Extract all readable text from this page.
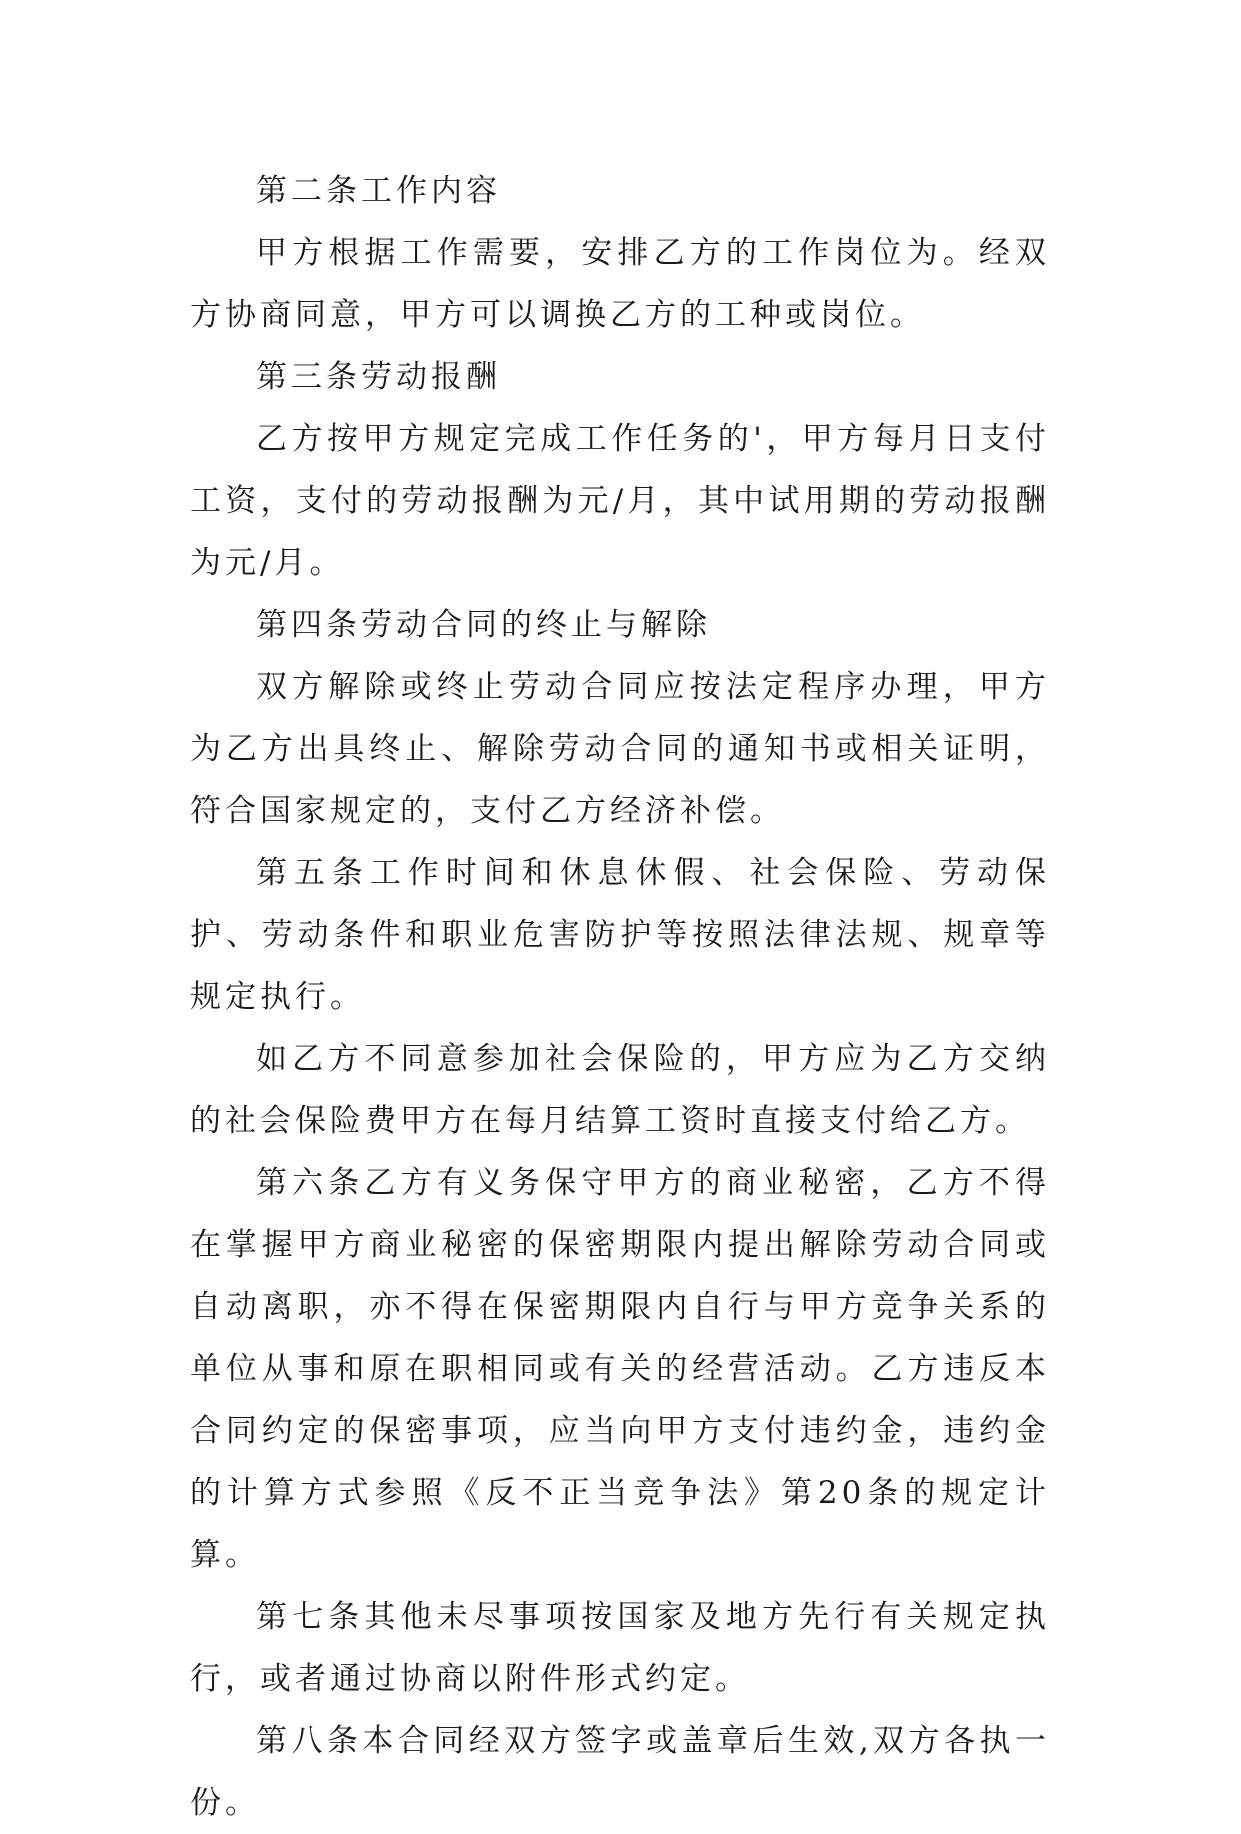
第二条工作内容

甲方根据工作需要，安排乙方的工作岗位为。经双方协商同意，甲方可以调换乙方的工种或岗位。

第三条劳动报酬

乙方按甲方规定完成工作任务的'，甲方每月日支付工资，支付的劳动报酬为元/月，其中试用期的劳动报酬为元/月。

第四条劳动合同的终止与解除

双方解除或终止劳动合同应按法定程序办理，甲方为乙方出具终止、解除劳动合同的通知书或相关证明，符合国家规定的，支付乙方经济补偿。

第五条工作时间和休息休假、社会保险、劳动保护、劳动条件和职业危害防护等按照法律法规、规章等规定执行。

如乙方不同意参加社会保险的，甲方应为乙方交纳的社会保险费甲方在每月结算工资时直接支付给乙方。

第六条乙方有义务保守甲方的商业秘密，乙方不得在掌握甲方商业秘密的保密期限内提出解除劳动合同或自动离职，亦不得在保密期限内自行与甲方竞争关系的单位从事和原在职相同或有关的经营活动。乙方违反本合同约定的保密事项，应当向甲方支付违约金，违约金的计算方式参照《反不正当竞争法》第20条的规定计算。

第七条其他未尽事项按国家及地方先行有关规定执行，或者通过协商以附件形式约定。

第八条本合同经双方签字或盖章后生效,双方各执一份。
